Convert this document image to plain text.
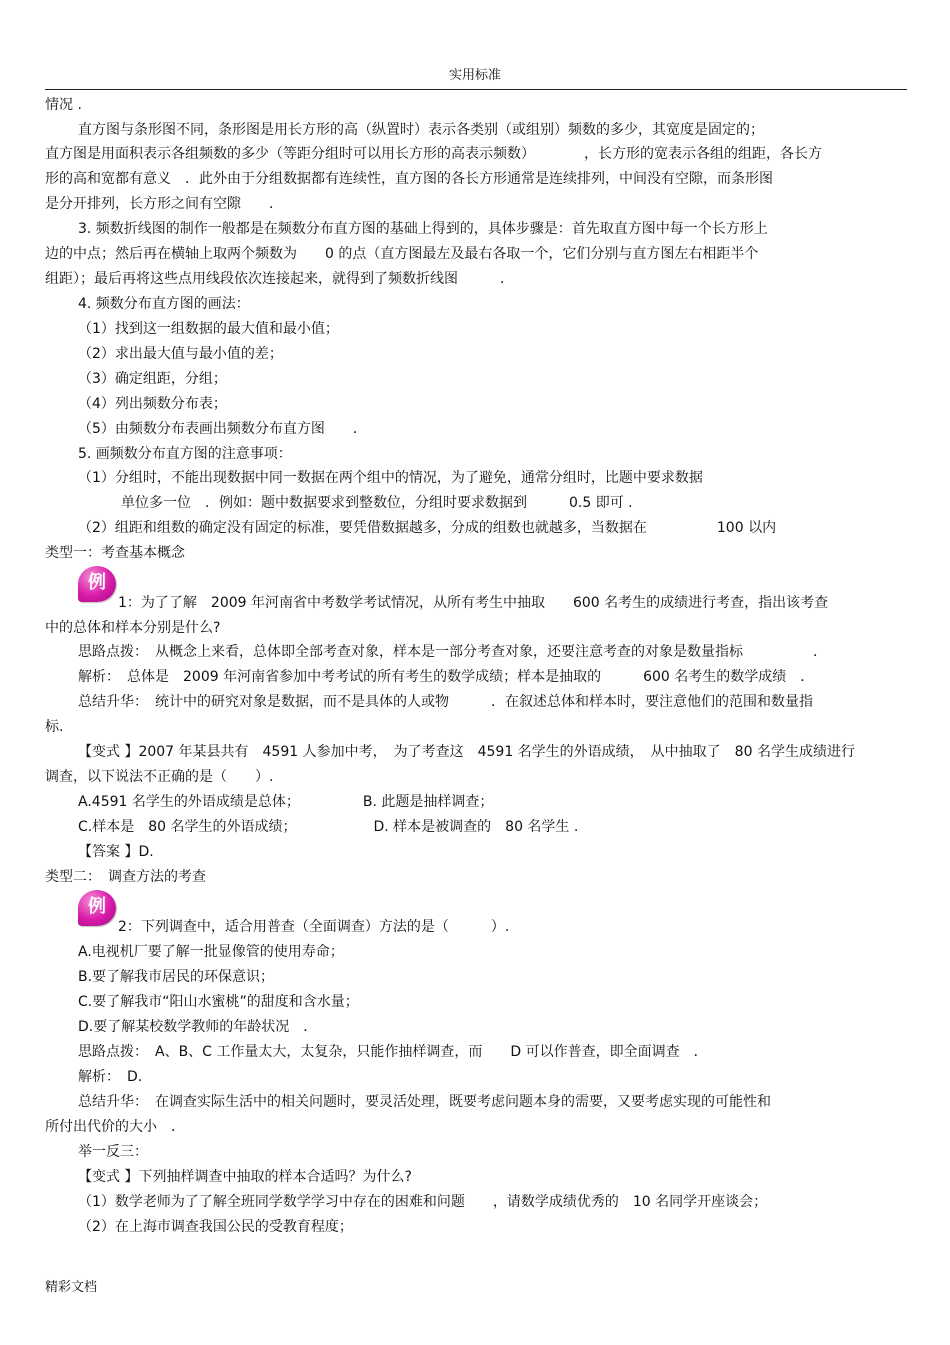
实用标准
情况 .
直方图与条形图不同，条形图是用长方形的高（纵置时）表示各类别（或组别）频数的多少，其宽度是固定的；
直方图是用面积表示各组频数的多少（等距分组时可以用长方形的高表示频数）　　　　，长方形的宽表示各组的组距，各长方
形的高和宽都有意义　．此外由于分组数据都有连续性，直方图的各长方形通常是连续排列，中间没有空隙，而条形图
是分开排列，长方形之间有空隙　　．
3. 频数折线图的制作一般都是在频数分布直方图的基础上得到的，具体步骤是：首先取直方图中每一个长方形上
边的中点；然后再在横轴上取两个频数为　　0 的点（直方图最左及最右各取一个，它们分别与直方图左右相距半个
组距）；最后再将这些点用线段依次连接起来，就得到了频数折线图　　　．
4. 频数分布直方图的画法：
（1）找到这一组数据的最大值和最小值；
（2）求出最大值与最小值的差；
（3）确定组距，分组；
（4）列出频数分布表；
（5）由频数分布表画出频数分布直方图　　．
5. 画频数分布直方图的注意事项：
（1）分组时，不能出现数据中同一数据在两个组中的情况，为了避免，通常分组时，比题中要求数据
单位多一位　．例如：题中数据要求到整数位，分组时要求数据到　　　0.5 即可 .
（2）组距和组数的确定没有固定的标准，要凭借数据越多，分成的组数也就越多，当数据在　　　　　100 以内
类型一：考查基本概念
例
1：为了了解　2009 年河南省中考数学考试情况，从所有考生中抽取　　600 名考生的成绩进行考查，指出该考查
中的总体和样本分别是什么?
思路点拨：　从概念上来看，总体即全部考查对象，样本是一部分考查对象，还要注意考查的对象是数量指标　　　　　．
解析：　总体是　2009 年河南省参加中考考试的所有考生的数学成绩；样本是抽取的　　　600 名考生的数学成绩　．
总结升华：　统计中的研究对象是数据，而不是具体的人或物　　　．在叙述总体和样本时，要注意他们的范围和数量指
标．
【变式 】2007 年某县共有　4591 人参加中考，　为了考查这　4591 名学生的外语成绩，　从中抽取了　80 名学生成绩进行
调查，以下说法不正确的是（　　）.
A.4591 名学生的外语成绩是总体；　　　　　B. 此题是抽样调查；
C.样本是　80 名学生的外语成绩；　　　　　　D. 样本是被调查的　80 名学生 .
【答案 】D.
类型二：　调查方法的考查
例
2：下列调查中，适合用普查（全面调查）方法的是（　　　）.
A.电视机厂要了解一批显像管的使用寿命；
B.要了解我市居民的环保意识；
C.要了解我市“阳山水蜜桃”的甜度和含水量；
D.要了解某校数学教师的年龄状况　．
思路点拨：　A、B、C 工作量太大，太复杂，只能作抽样调查，而　　D 可以作普查，即全面调查　．
解析：　D.
总结升华：　在调查实际生活中的相关问题时，要灵活处理，既要考虑问题本身的需要，又要考虑实现的可能性和
所付出代价的大小　．
举一反三：
【变式 】下列抽样调查中抽取的样本合适吗？为什么?
（1）数学老师为了了解全班同学数学学习中存在的困难和问题　　，请数学成绩优秀的　10 名同学开座谈会；
（2）在上海市调查我国公民的受教育程度；
精彩文档
